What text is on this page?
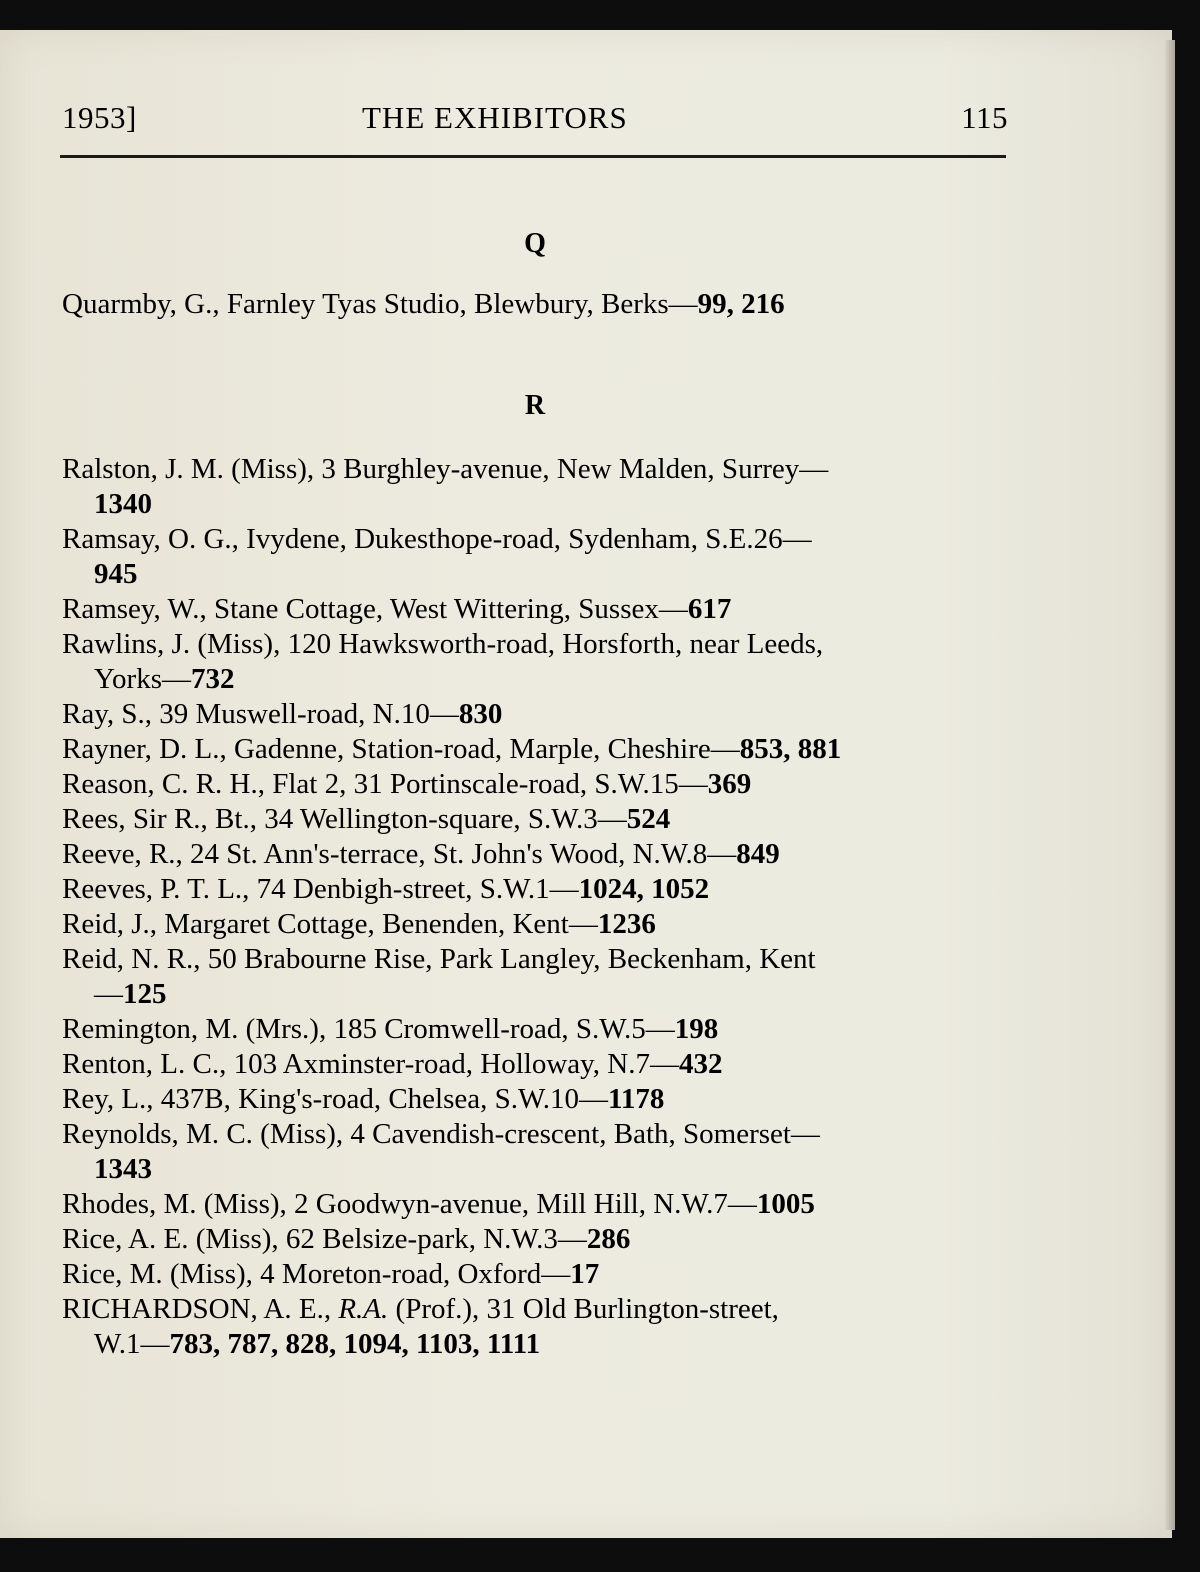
1953]	THE EXHIBITORS	115
Q
Quarmby, G., Farnley Tyas Studio, Blewbury, Berks—99, 216
R
Ralston, J. M. (Miss), 3 Burghley-avenue, New Malden, Surrey—
1340
Ramsay, O. G., Ivydene, Dukesthope-road, Sydenham, S.E.26—
945
Ramsey, W., Stane Cottage, West Wittering, Sussex—617
Rawlins, J. (Miss), 120 Hawksworth-road, Horsforth, near Leeds,
Yorks—732
Ray, S., 39 Muswell-road, N.10—830
Rayner, D. L., Gadenne, Station-road, Marple, Cheshire—853, 881
Reason, C. R. H., Flat 2, 31 Portinscale-road, S.W.15—369
Rees, Sir R., Bt., 34 Wellington-square, S.W.3—524
Reeve, R., 24 St. Ann's-terrace, St. John's Wood, N.W.8—849
Reeves, P. T. L., 74 Denbigh-street, S.W.1—1024, 1052
Reid, J., Margaret Cottage, Benenden, Kent—1236
Reid, N. R., 50 Brabourne Rise, Park Langley, Beckenham, Kent
—125
Remington, M. (Mrs.), 185 Cromwell-road, S.W.5—198
Renton, L. C., 103 Axminster-road, Holloway, N.7—432
Rey, L., 437B, King's-road, Chelsea, S.W.10—1178
Reynolds, M. C. (Miss), 4 Cavendish-crescent, Bath, Somerset—
1343
Rhodes, M. (Miss), 2 Goodwyn-avenue, Mill Hill, N.W.7—1005
Rice, A. E. (Miss), 62 Belsize-park, N.W.3—286
Rice, M. (Miss), 4 Moreton-road, Oxford—17
RICHARDSON, A. E., R.A. (Prof.), 31 Old Burlington-street,
W.1—783, 787, 828, 1094, 1103, 1111
